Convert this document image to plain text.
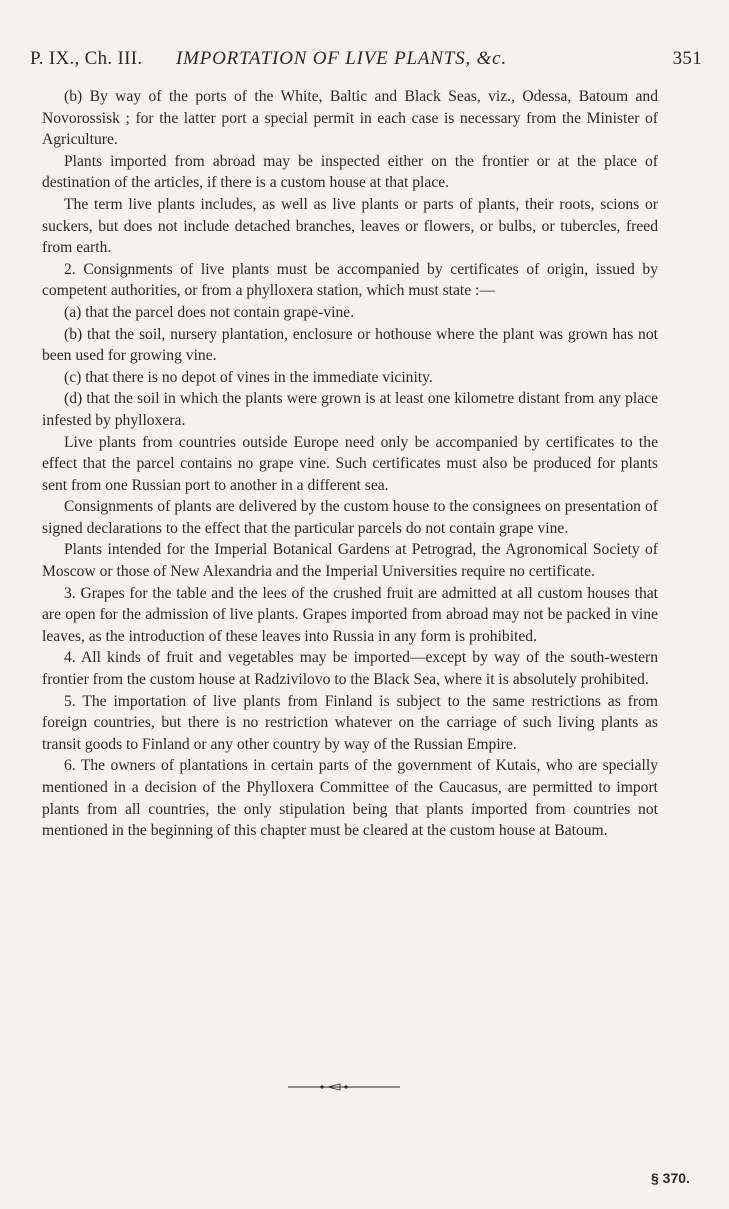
P. IX., Ch. III. IMPORTATION OF LIVE PLANTS, &c.	351

(b) By way of the ports of the White, Baltic and Black Seas, viz., Odessa, Batoum and Novorossisk ; for the latter port a special permit in each case is necessary from the Minister of Agriculture.

Plants imported from abroad may be inspected either on the frontier or at the place of destination of the articles, if there is a custom house at that place.

The term live plants includes, as well as live plants or parts of plants, their roots, scions or suckers, but does not include detached branches, leaves or flowers, or bulbs, or tubercles, freed from earth.

2. Consignments of live plants must be accompanied by certificates of origin, issued by competent authorities, or from a phylloxera station, which must state :—

(a) that the parcel does not contain grape-vine.

(b) that the soil, nursery plantation, enclosure or hothouse where the plant was grown has not been used for growing vine.

(c) that there is no depot of vines in the immediate vicinity.

(d) that the soil in which the plants were grown is at least one kilometre distant from any place infested by phylloxera.

Live plants from countries outside Europe need only be accompanied by certificates to the effect that the parcel contains no grape vine. Such certificates must also be produced for plants sent from one Russian port to another in a different sea.

Consignments of plants are delivered by the custom house to the consignees on presentation of signed declarations to the effect that the particular parcels do not contain grape vine.

Plants intended for the Imperial Botanical Gardens at Petrograd, the Agronomical Society of Moscow or those of New Alexandria and the Imperial Universities require no certificate.

3. Grapes for the table and the lees of the crushed fruit are admitted at all custom houses that are open for the admission of live plants. Grapes imported from abroad may not be packed in vine leaves, as the introduction of these leaves into Russia in any form is prohibited.

4. All kinds of fruit and vegetables may be imported—except by way of the south-western frontier from the custom house at Radzivilovo to the Black Sea, where it is absolutely prohibited.

5. The importation of live plants from Finland is subject to the same restrictions as from foreign countries, but there is no restriction whatever on the carriage of such living plants as transit goods to Finland or any other country by way of the Russian Empire.

6. The owners of plantations in certain parts of the government of Kutais, who are specially mentioned in a decision of the Phylloxera Committee of the Caucasus, are permitted to import plants from all countries, the only stipulation being that plants imported from countries not mentioned in the beginning of this chapter must be cleared at the custom house at Batoum.

§ 370.
